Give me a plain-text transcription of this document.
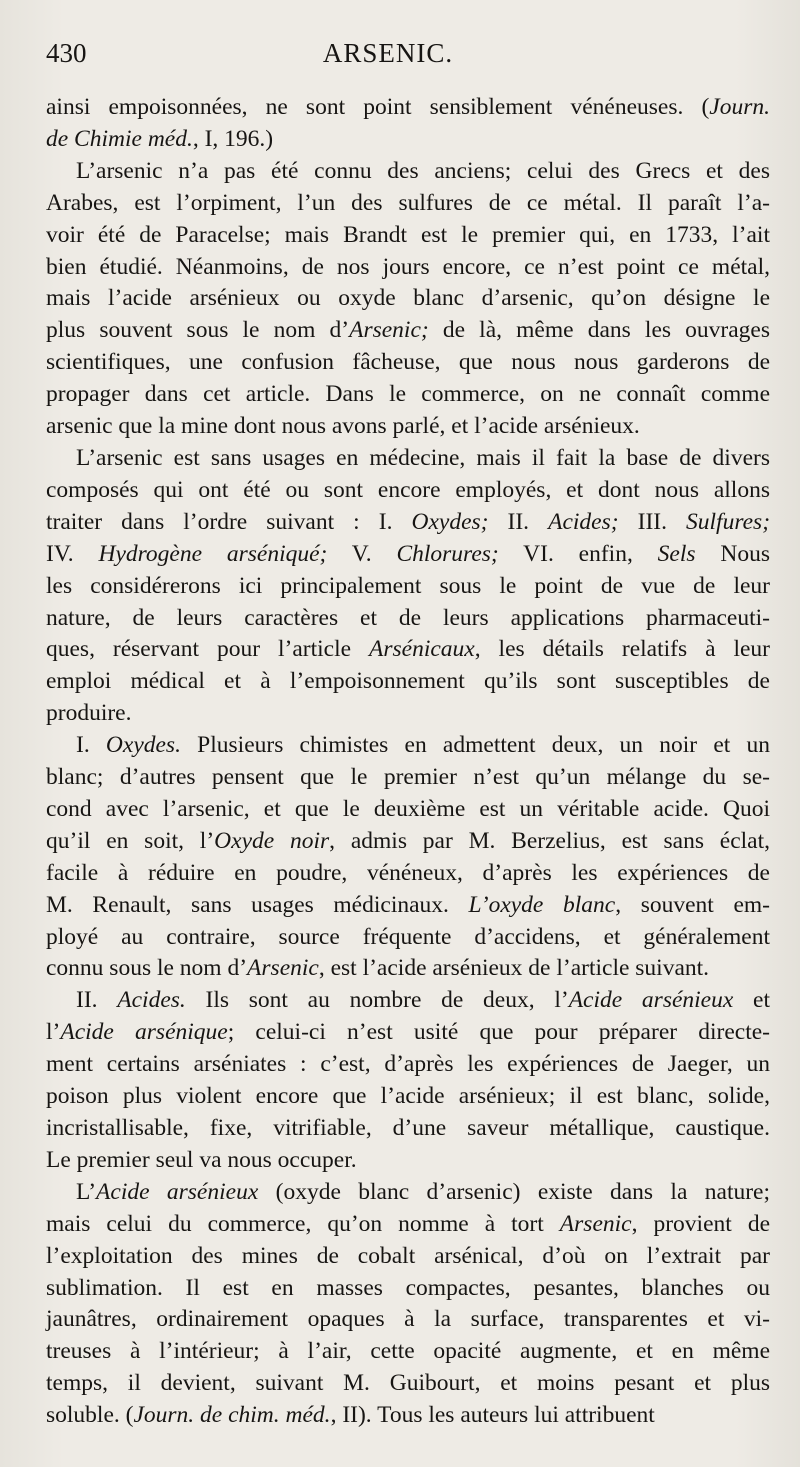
430	ARSENIC.

ainsi empoisonnées, ne sont point sensiblement vénéneuses. (Journ.
de Chimie méd., I, 196.)

L’arsenic n’a pas été connu des anciens; celui des Grecs et des
Arabes, est l’orpiment, l’un des sulfures de ce métal. Il paraît l’a-
voir été de Paracelse; mais Brandt est le premier qui, en 1733, l’ait
bien étudié. Néanmoins, de nos jours encore, ce n’est point ce métal,
mais l’acide arsénieux ou oxyde blanc d’arsenic, qu’on désigne le
plus souvent sous le nom d’Arsenic; de là, même dans les ouvrages
scientifiques, une confusion fâcheuse, que nous nous garderons de
propager dans cet article. Dans le commerce, on ne connaît comme
arsenic que la mine dont nous avons parlé, et l’acide arsénieux.

L’arsenic est sans usages en médecine, mais il fait la base de divers
composés qui ont été ou sont encore employés, et dont nous allons
traiter dans l’ordre suivant : I. Oxydes; II. Acides; III. Sulfures;
IV. Hydrogène arséniqué; V. Chlorures; VI. enfin, Sels Nous
les considérerons ici principalement sous le point de vue de leur
nature, de leurs caractères et de leurs applications pharmaceuti-
ques, réservant pour l’article Arsénicaux, les détails relatifs à leur
emploi médical et à l’empoisonnement qu’ils sont susceptibles de
produire.

I. Oxydes. Plusieurs chimistes en admettent deux, un noir et un
blanc; d’autres pensent que le premier n’est qu’un mélange du se-
cond avec l’arsenic, et que le deuxième est un véritable acide. Quoi
qu’il en soit, l’Oxyde noir, admis par M. Berzelius, est sans éclat,
facile à réduire en poudre, vénéneux, d’après les expériences de
M. Renault, sans usages médicinaux. L’oxyde blanc, souvent em-
ployé au contraire, source fréquente d’accidens, et généralement
connu sous le nom d’Arsenic, est l’acide arsénieux de l’article suivant.

II. Acides. Ils sont au nombre de deux, l’Acide arsénieux et
l’Acide arsénique; celui-ci n’est usité que pour préparer directe-
ment certains arséniates : c’est, d’après les expériences de Jaeger, un
poison plus violent encore que l’acide arsénieux; il est blanc, solide,
incristallisable, fixe, vitrifiable, d’une saveur métallique, caustique.
Le premier seul va nous occuper.

L’Acide arsénieux (oxyde blanc d’arsenic) existe dans la nature;
mais celui du commerce, qu’on nomme à tort Arsenic, provient de
l’exploitation des mines de cobalt arsénical, d’où on l’extrait par
sublimation. Il est en masses compactes, pesantes, blanches ou
jaunâtres, ordinairement opaques à la surface, transparentes et vi-
treuses à l’intérieur; à l’air, cette opacité augmente, et en même
temps, il devient, suivant M. Guibourt, et moins pesant et plus
soluble. (Journ. de chim. méd., II). Tous les auteurs lui attribuent
